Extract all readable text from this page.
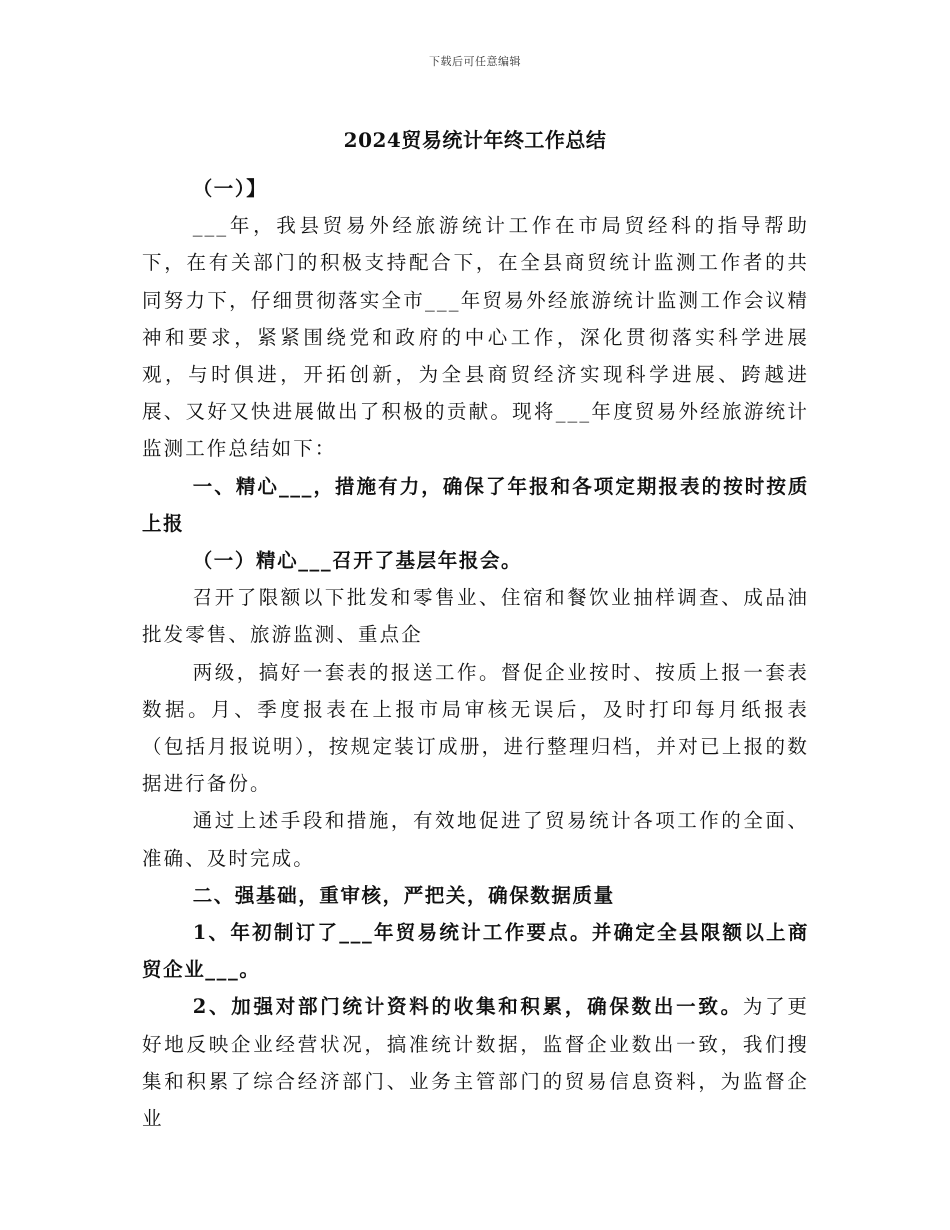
下载后可任意编辑
2024贸易统计年终工作总结

（一）】

___年，我县贸易外经旅游统计工作在市局贸经科的指导帮助下，在有关部门的积极支持配合下，在全县商贸统计监测工作者的共同努力下，仔细贯彻落实全市___年贸易外经旅游统计监测工作会议精神和要求，紧紧围绕党和政府的中心工作，深化贯彻落实科学进展观，与时俱进，开拓创新，为全县商贸经济实现科学进展、跨越进展、又好又快进展做出了积极的贡献。现将___年度贸易外经旅游统计监测工作总结如下：

一、精心___，措施有力，确保了年报和各项定期报表的按时按质上报

（一）精心___召开了基层年报会。

召开了限额以下批发和零售业、住宿和餐饮业抽样调查、成品油批发零售、旅游监测、重点企

两级，搞好一套表的报送工作。督促企业按时、按质上报一套表数据。月、季度报表在上报市局审核无误后，及时打印每月纸报表（包括月报说明），按规定装订成册，进行整理归档，并对已上报的数据进行备份。

通过上述手段和措施，有效地促进了贸易统计各项工作的全面、准确、及时完成。

二、强基础，重审核，严把关，确保数据质量

1、年初制订了___年贸易统计工作要点。并确定全县限额以上商贸企业___。

2、加强对部门统计资料的收集和积累，确保数出一致。为了更好地反映企业经营状况，搞准统计数据，监督企业数出一致，我们搜集和积累了综合经济部门、业务主管部门的贸易信息资料，为监督企业
